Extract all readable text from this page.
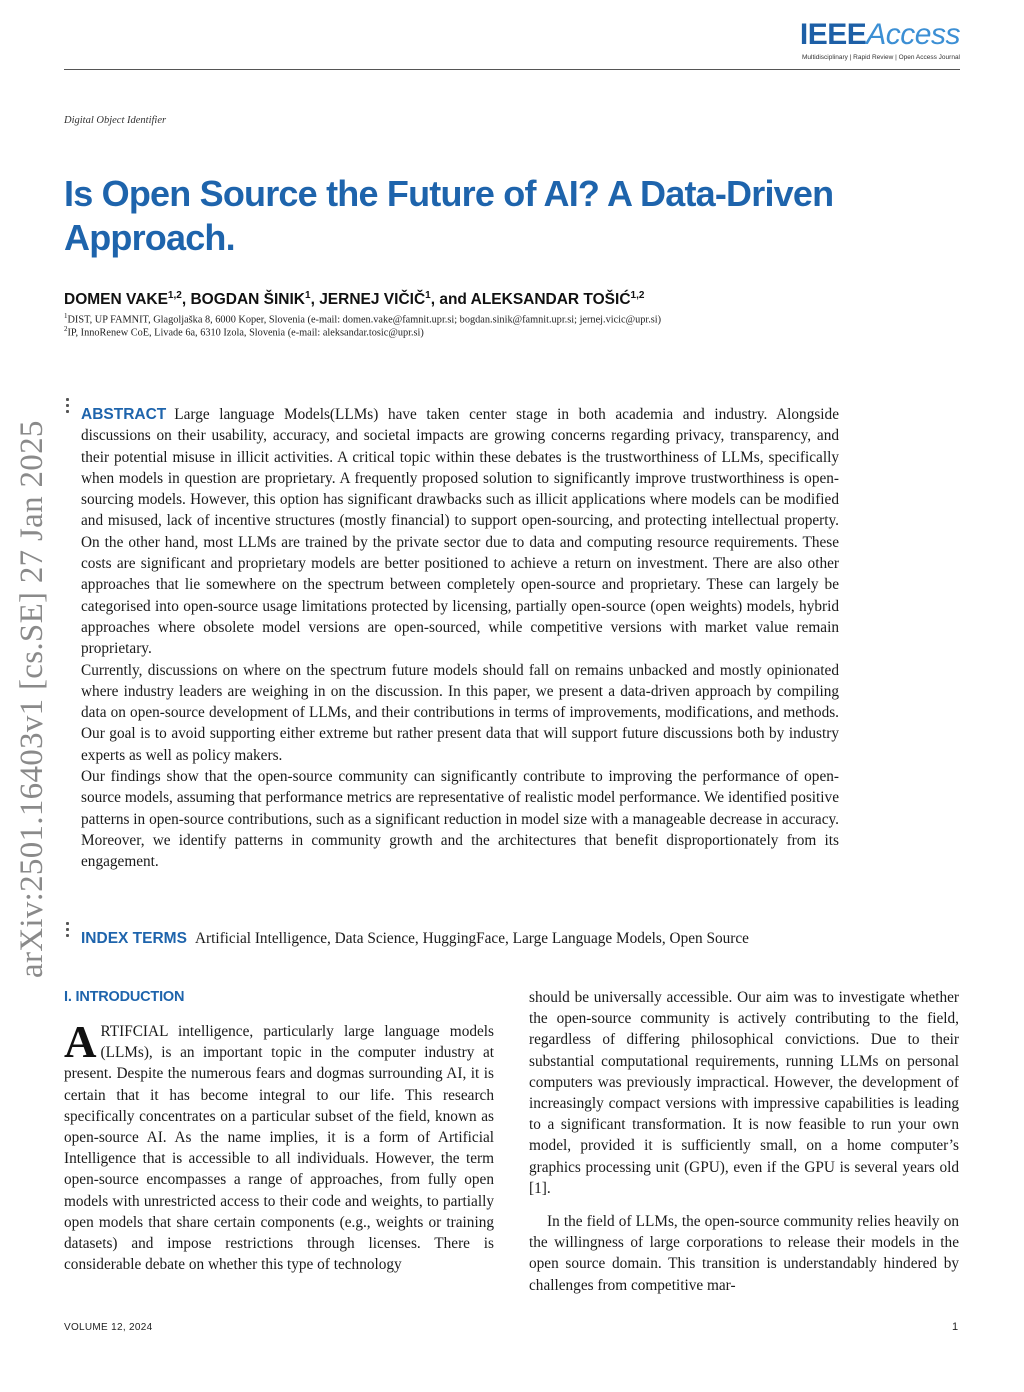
IEEEAccess
Multidisciplinary | Rapid Review | Open Access Journal
Digital Object Identifier
Is Open Source the Future of AI? A Data-Driven Approach.
DOMEN VAKE$^{1,2}$, BOGDAN ŠINIK$^1$, JERNEJ VIČIČ$^1$, and ALEKSANDAR TOŠIĆ$^{1,2}$
$^1$DIST, UP FAMNIT, Glagoljaška 8, 6000 Koper, Slovenia (e-mail: domen.vake@famnit.upr.si; bogdan.sinik@famnit.upr.si; jernej.vicic@upr.si)
$^2$IP, InnoRenew CoE, Livade 6a, 6310 Izola, Slovenia (e-mail: aleksandar.tosic@upr.si)
arXiv:2501.16403v1 [cs.SE] 27 Jan 2025

ABSTRACT Large language Models(LLMs) have taken center stage in both academia and industry. Alongside discussions on their usability, accuracy, and societal impacts are growing concerns regarding privacy, transparency, and their potential misuse in illicit activities. A critical topic within these debates is the trustworthiness of LLMs, specifically when models in question are proprietary. A frequently proposed solution to significantly improve trustworthiness is open-sourcing models. However, this option has significant drawbacks such as illicit applications where models can be modified and misused, lack of incentive structures (mostly financial) to support open-sourcing, and protecting intellectual property. On the other hand, most LLMs are trained by the private sector due to data and computing resource requirements. These costs are significant and proprietary models are better positioned to achieve a return on investment. There are also other approaches that lie somewhere on the spectrum between completely open-source and proprietary. These can largely be categorised into open-source usage limitations protected by licensing, partially open-source (open weights) models, hybrid approaches where obsolete model versions are open-sourced, while competitive versions with market value remain proprietary.

Currently, discussions on where on the spectrum future models should fall on remains unbacked and mostly opinionated where industry leaders are weighing in on the discussion. In this paper, we present a data-driven approach by compiling data on open-source development of LLMs, and their contributions in terms of improvements, modifications, and methods. Our goal is to avoid supporting either extreme but rather present data that will support future discussions both by industry experts as well as policy makers.

Our findings show that the open-source community can significantly contribute to improving the performance of open-source models, assuming that performance metrics are representative of realistic model performance. We identified positive patterns in open-source contributions, such as a significant reduction in model size with a manageable decrease in accuracy. Moreover, we identify patterns in community growth and the architectures that benefit disproportionately from its engagement.

INDEX TERMS Artificial Intelligence, Data Science, HuggingFace, Large Language Models, Open Source
I. INTRODUCTION

ARTIFCIAL intelligence, particularly large language models (LLMs), is an important topic in the computer industry at present. Despite the numerous fears and dogmas surrounding AI, it is certain that it has become integral to our life. This research specifically concentrates on a particular subset of the field, known as open-source AI. As the name implies, it is a form of Artificial Intelligence that is accessible to all individuals. However, the term open-source encompasses a range of approaches, from fully open models with unrestricted access to their code and weights, to partially open models that share certain components (e.g., weights or training datasets) and impose restrictions through licenses. There is considerable debate on whether this type of technology

should be universally accessible. Our aim was to investigate whether the open-source community is actively contributing to the field, regardless of differing philosophical convictions. Due to their substantial computational requirements, running LLMs on personal computers was previously impractical. However, the development of increasingly compact versions with impressive capabilities is leading to a significant transformation. It is now feasible to run your own model, provided it is sufficiently small, on a home computer’s graphics processing unit (GPU), even if the GPU is several years old [1].

In the field of LLMs, the open-source community relies heavily on the willingness of large corporations to release their models in the open source domain. This transition is understandably hindered by challenges from competitive mar-

VOLUME 12, 2024	1
